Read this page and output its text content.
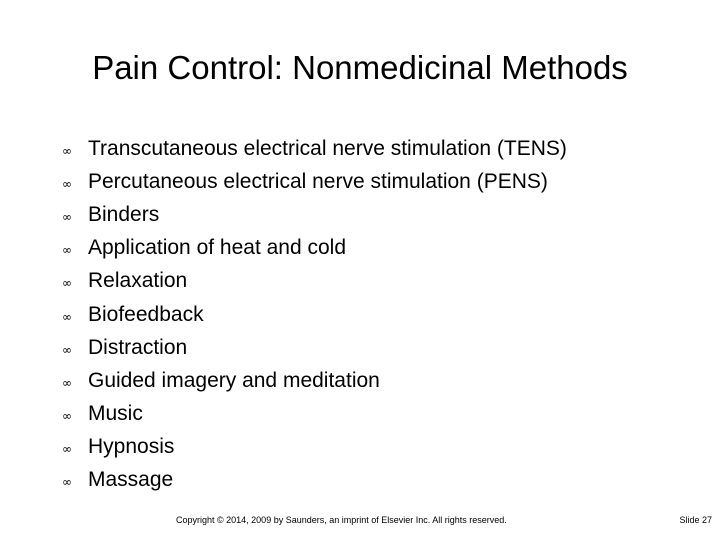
Pain Control: Nonmedicinal Methods
∞ Transcutaneous electrical nerve stimulation (TENS)
∞ Percutaneous electrical nerve stimulation (PENS)
∞ Binders
∞ Application of heat and cold
∞ Relaxation
∞ Biofeedback
∞ Distraction
∞ Guided imagery and meditation
∞ Music
∞ Hypnosis
∞ Massage
Copyright © 2014, 2009 by Saunders, an imprint of Elsevier Inc. All rights reserved.	Slide 27
